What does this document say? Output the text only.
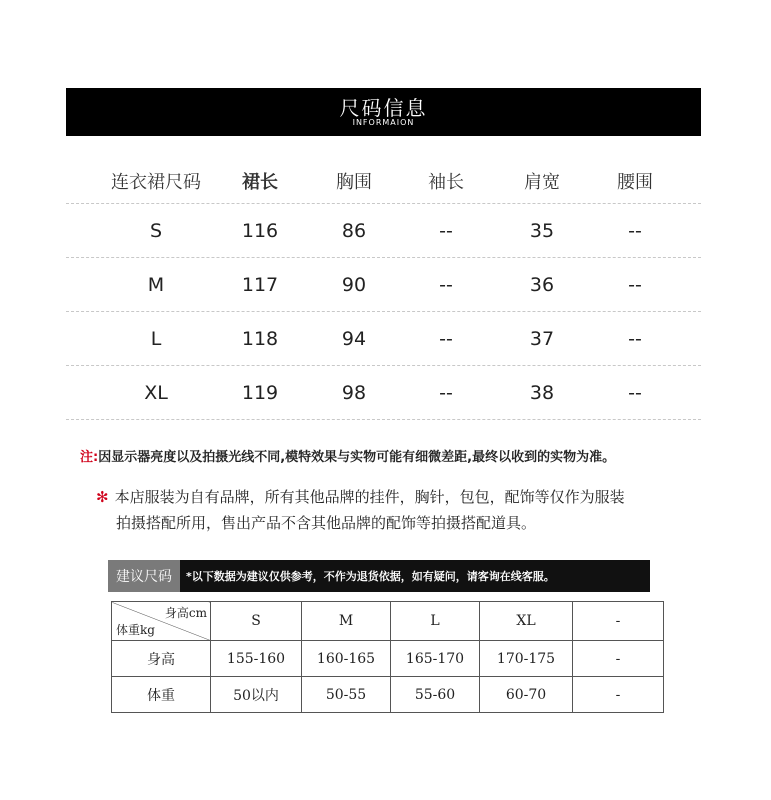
尺码信息
INFORMAION
连衣裙尺码	裙长	胸围	袖长	肩宽	腰围
S	116	86	--	35	--
M	117	90	--	36	--
L	118	94	--	37	--
XL	119	98	--	38	--
注:因显示器亮度以及拍摄光线不同,模特效果与实物可能有细微差距,最终以收到的实物为准。
✻ 本店服装为自有品牌，所有其他品牌的挂件，胸针，包包，配饰等仅作为服装
拍摄搭配所用，售出产品不含其他品牌的配饰等拍摄搭配道具。
建议尺码	*以下数据为建议仅供参考，不作为退货依据，如有疑问，请客询在线客服。
身高cm
体重kg	S	M	L	XL	-
身高	155-160	160-165	165-170	170-175	-
体重	50以内	50-55	55-60	60-70	-
